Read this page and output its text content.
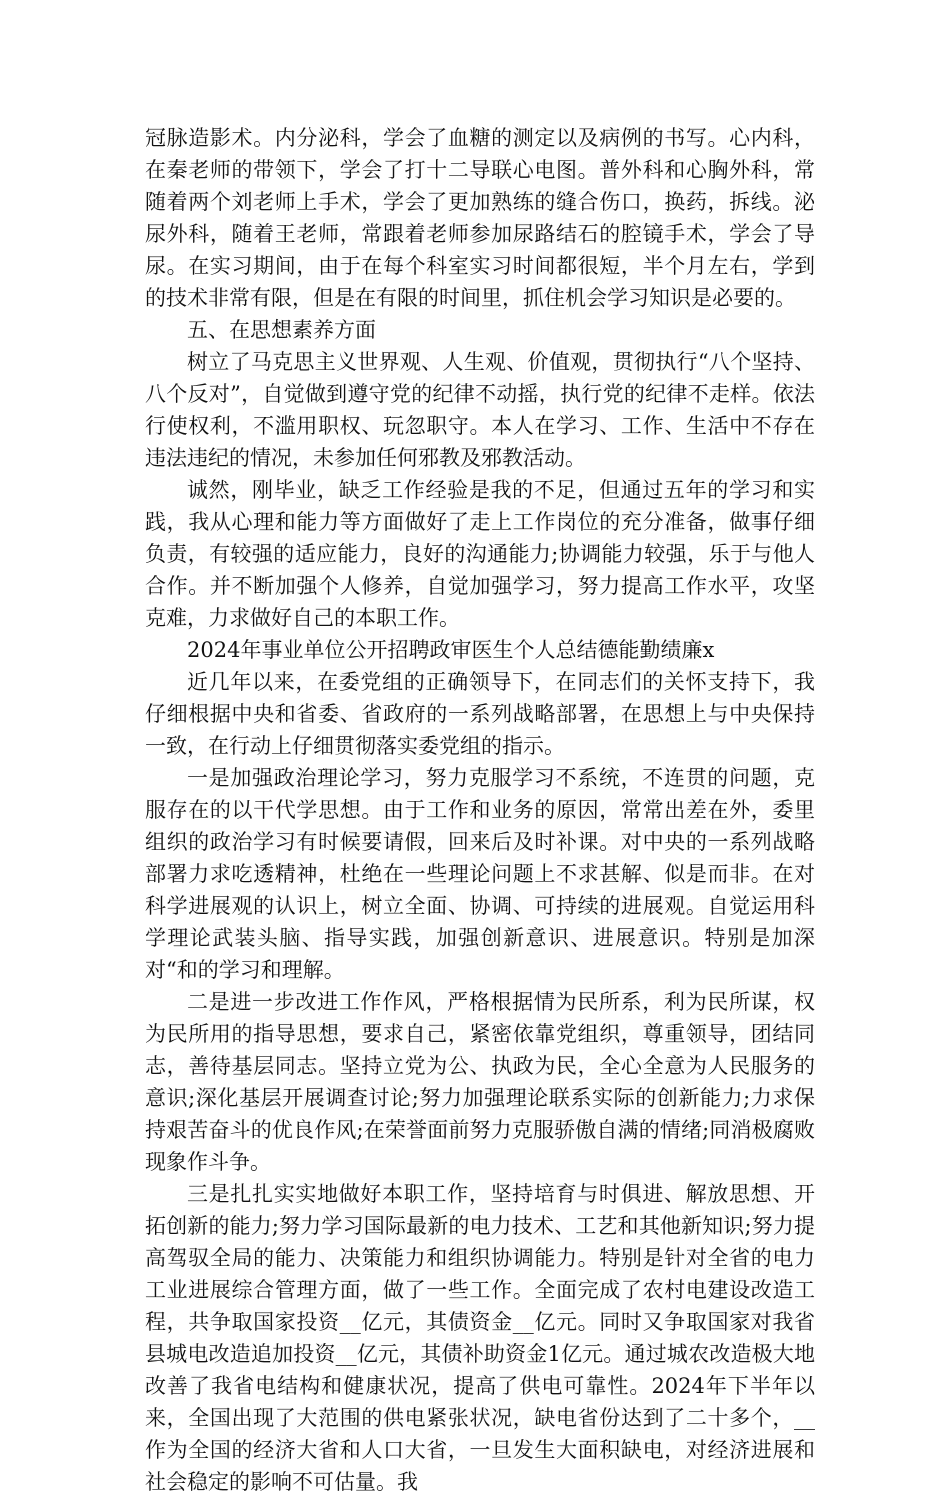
冠脉造影术。内分泌科，学会了血糖的测定以及病例的书写。心内科，在秦老师的带领下，学会了打十二导联心电图。普外科和心胸外科，常随着两个刘老师上手术，学会了更加熟练的缝合伤口，换药，拆线。泌尿外科，随着王老师，常跟着老师参加尿路结石的腔镜手术，学会了导尿。在实习期间，由于在每个科室实习时间都很短，半个月左右，学到的技术非常有限，但是在有限的时间里，抓住机会学习知识是必要的。

五、在思想素养方面

树立了马克思主义世界观、人生观、价值观，贯彻执行“八个坚持、八个反对”，自觉做到遵守党的纪律不动摇，执行党的纪律不走样。依法行使权利，不滥用职权、玩忽职守。本人在学习、工作、生活中不存在违法违纪的情况，未参加任何邪教及邪教活动。

诚然，刚毕业，缺乏工作经验是我的不足，但通过五年的学习和实践，我从心理和能力等方面做好了走上工作岗位的充分准备，做事仔细负责，有较强的适应能力，良好的沟通能力;协调能力较强，乐于与他人合作。并不断加强个人修养，自觉加强学习，努力提高工作水平，攻坚克难，力求做好自己的本职工作。

2024年事业单位公开招聘政审医生个人总结德能勤绩廉x

近几年以来，在委党组的正确领导下，在同志们的关怀支持下，我仔细根据中央和省委、省政府的一系列战略部署，在思想上与中央保持一致，在行动上仔细贯彻落实委党组的指示。

一是加强政治理论学习，努力克服学习不系统，不连贯的问题，克服存在的以干代学思想。由于工作和业务的原因，常常出差在外，委里组织的政治学习有时候要请假，回来后及时补课。对中央的一系列战略部署力求吃透精神，杜绝在一些理论问题上不求甚解、似是而非。在对科学进展观的认识上，树立全面、协调、可持续的进展观。自觉运用科学理论武装头脑、指导实践，加强创新意识、进展意识。特别是加深对“和的学习和理解。

二是进一步改进工作作风，严格根据情为民所系，利为民所谋，权为民所用的指导思想，要求自己，紧密依靠党组织，尊重领导，团结同志，善待基层同志。坚持立党为公、执政为民，全心全意为人民服务的意识;深化基层开展调查讨论;努力加强理论联系实际的创新能力;力求保持艰苦奋斗的优良作风;在荣誉面前努力克服骄傲自满的情绪;同消极腐败现象作斗争。

三是扎扎实实地做好本职工作，坚持培育与时俱进、解放思想、开拓创新的能力;努力学习国际最新的电力技术、工艺和其他新知识;努力提高驾驭全局的能力、决策能力和组织协调能力。特别是针对全省的电力工业进展综合管理方面，做了一些工作。全面完成了农村电建设改造工程，共争取国家投资__亿元，其债资金__亿元。同时又争取国家对我省县城电改造追加投资__亿元，其债补助资金1亿元。通过城农改造极大地改善了我省电结构和健康状况，提高了供电可靠性。2024年下半年以来，全国出现了大范围的供电紧张状况，缺电省份达到了二十多个，__作为全国的经济大省和人口大省，一旦发生大面积缺电，对经济进展和社会稳定的影响不可估量。我
